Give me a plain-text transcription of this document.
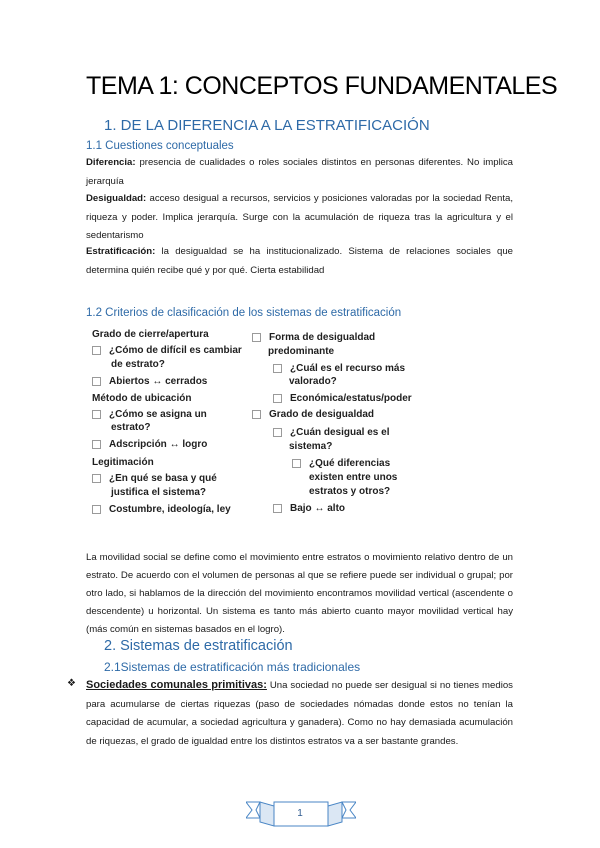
TEMA 1: CONCEPTOS FUNDAMENTALES
1. DE LA DIFERENCIA A LA ESTRATIFICACIÓN
1.1 Cuestiones conceptuales
Diferencia: presencia de cualidades o roles sociales distintos en personas diferentes. No implica jerarquía
Desigualdad: acceso desigual a recursos, servicios y posiciones valoradas por la sociedad Renta, riqueza y poder. Implica jerarquía. Surge con la acumulación de riqueza tras la agricultura y el sedentarismo
Estratificación: la desigualdad se ha institucionalizado. Sistema de relaciones sociales que determina quién recibe qué y por qué. Cierta estabilidad
1.2 Criterios de clasificación de los sistemas de estratificación
Grado de cierre/apertura
¿Cómo de difícil es cambiar
de estrato?
Abiertos ↔ cerrados
Método de ubicación
¿Cómo se asigna un
estrato?
Adscripción ↔ logro
Legitimación
¿En qué se basa y qué
justifica el sistema?
Costumbre, ideología, ley
Forma de desigualdad
predominante
¿Cuál es el recurso más
valorado?
Económica/estatus/poder
Grado de desigualdad
¿Cuán desigual es el
sistema?
¿Qué diferencias
existen entre unos
estratos y otros?
Bajo ↔ alto
La movilidad social se define como el movimiento entre estratos o movimiento relativo dentro de un estrato. De acuerdo con el volumen de personas al que se refiere puede ser individual o grupal; por otro lado, si hablamos de la dirección del movimiento encontramos movilidad vertical (ascendente o descendente) u horizontal. Un sistema es tanto más abierto cuanto mayor movilidad vertical hay (más común en sistemas basados en el logro).
2. Sistemas de estratificación
2.1Sistemas de estratificación más tradicionales
❖ Sociedades comunales primitivas: Una sociedad no puede ser desigual si no tienes medios para acumularse de ciertas riquezas (paso de sociedades nómadas donde estos no tenían la capacidad de acumular, a sociedad agricultura y ganadera). Como no hay demasiada acumulación de riquezas, el grado de igualdad entre los distintos estratos va a ser bastante grandes.
1
